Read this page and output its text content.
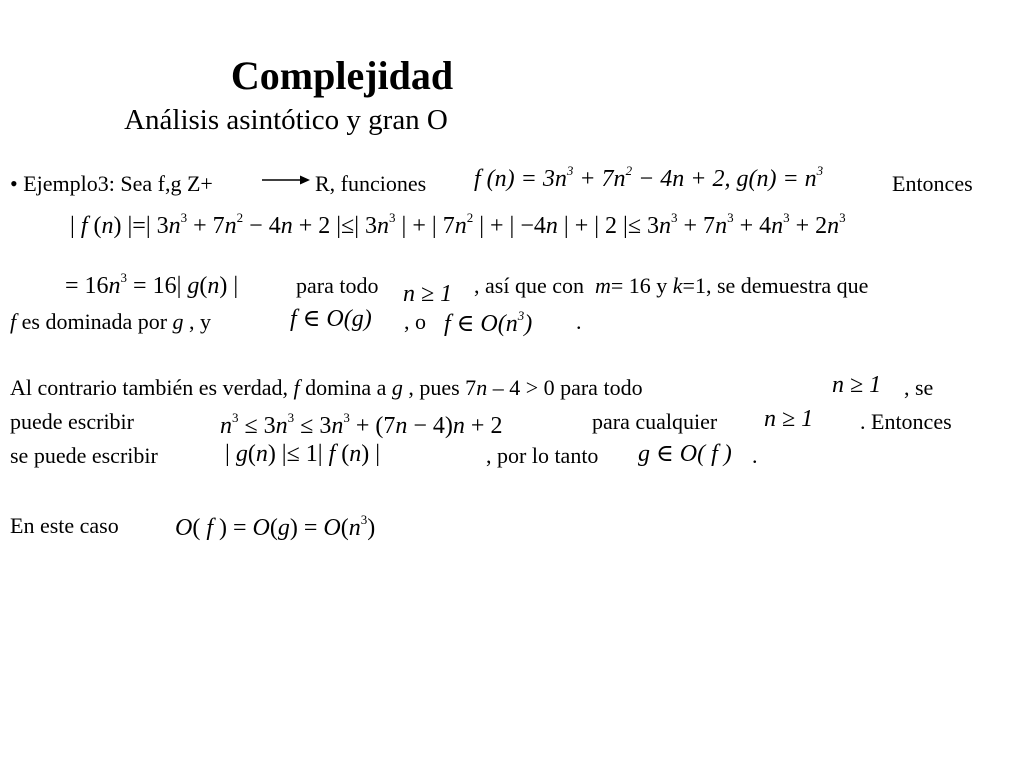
Complejidad
Análisis asintótico y gran O
• Ejemplo3: Sea f,g Z+	R, funciones f $(n) = 3n^3 + 7n^2 - 4n + 2$, $g(n) = n^3$
Entonces
| f (n) |=| $3n^3 + 7n^2 - 4n + 2$ |≤| $3n^3$ | + | $7n^2$ | + | −4n | + | 2 |≤ $3n^3 + 7n^3 + 4n^3 + 2n^3$
= $16n^3 = 16|$ g(n) |	para todo n ≥ 1 , así que con m= 16 y k=1, se demuestra que
f es dominada por g , y	f ∈ O(g) , o f ∈ $O(n^3)$ .
Al contrario también es verdad, f domina a g , pues 7n – 4 > 0 para todo	n ≥ 1 , se
puede escribir	$n^3 \le 3n^3 \le 3n^3 + (7n - 4)n + 2$	para cualquier n ≥ 1 . Entonces
se puede escribir	| g(n) |≤ 1| f (n) |	, por lo tanto g ∈ O( f ) .
En este caso O( f ) = $O(g) = O(n^3)$
